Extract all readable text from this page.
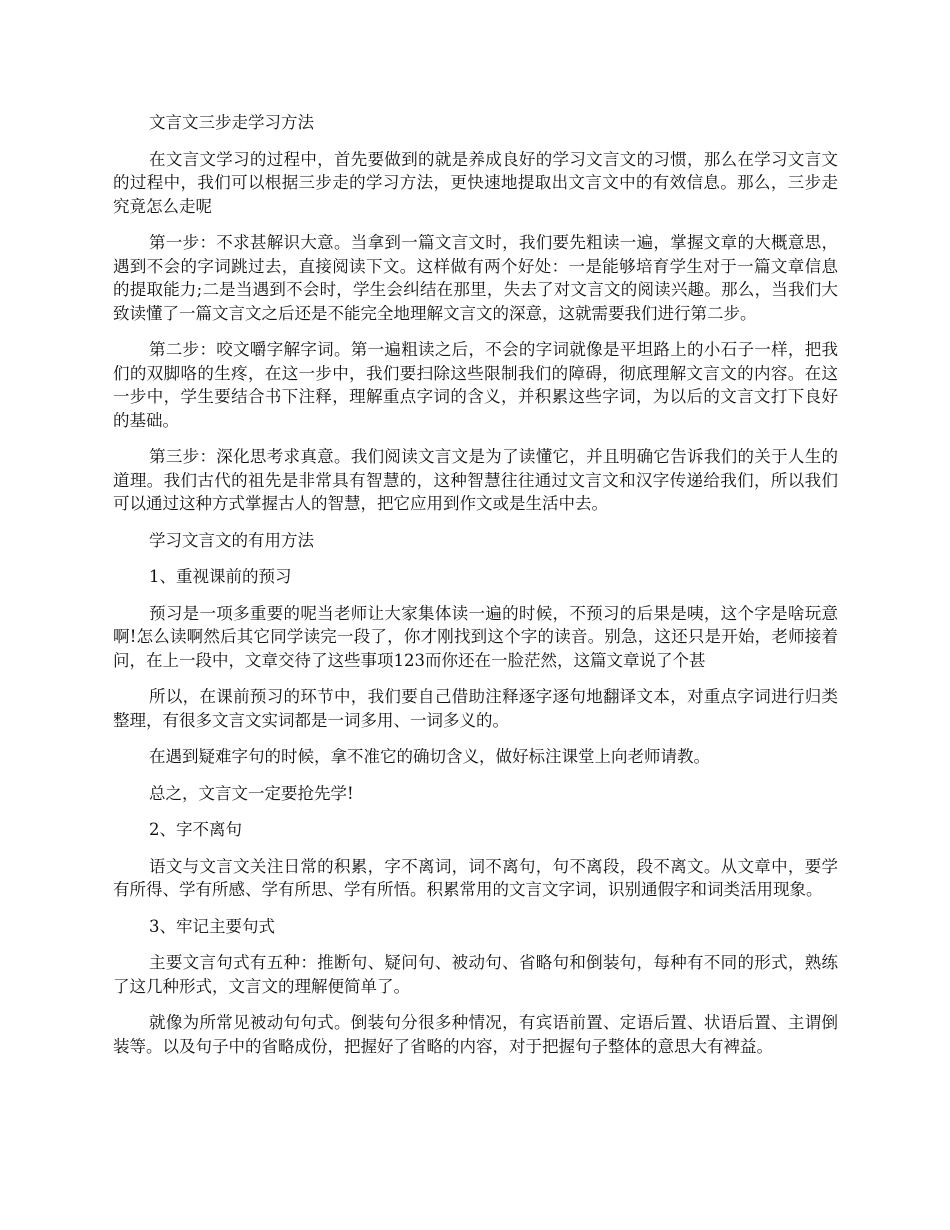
文言文三步走学习方法

在文言文学习的过程中，首先要做到的就是养成良好的学习文言文的习惯，那么在学习文言文的过程中，我们可以根据三步走的学习方法，更快速地提取出文言文中的有效信息。那么，三步走究竟怎么走呢

第一步：不求甚解识大意。当拿到一篇文言文时，我们要先粗读一遍，掌握文章的大概意思，遇到不会的字词跳过去，直接阅读下文。这样做有两个好处：一是能够培育学生对于一篇文章信息的提取能力;二是当遇到不会时，学生会纠结在那里，失去了对文言文的阅读兴趣。那么，当我们大致读懂了一篇文言文之后还是不能完全地理解文言文的深意，这就需要我们进行第二步。

第二步：咬文嚼字解字词。第一遍粗读之后，不会的字词就像是平坦路上的小石子一样，把我们的双脚咯的生疼，在这一步中，我们要扫除这些限制我们的障碍，彻底理解文言文的内容。在这一步中，学生要结合书下注释，理解重点字词的含义，并积累这些字词，为以后的文言文打下良好的基础。

第三步：深化思考求真意。我们阅读文言文是为了读懂它，并且明确它告诉我们的关于人生的道理。我们古代的祖先是非常具有智慧的，这种智慧往往通过文言文和汉字传递给我们，所以我们可以通过这种方式掌握古人的智慧，把它应用到作文或是生活中去。

学习文言文的有用方法

1、重视课前的预习

预习是一项多重要的呢当老师让大家集体读一遍的时候，不预习的后果是咦，这个字是啥玩意啊!怎么读啊然后其它同学读完一段了，你才刚找到这个字的读音。别急，这还只是开始，老师接着问，在上一段中，文章交待了这些事项123而你还在一脸茫然，这篇文章说了个甚

所以，在课前预习的环节中，我们要自己借助注释逐字逐句地翻译文本，对重点字词进行归类整理，有很多文言文实词都是一词多用、一词多义的。

在遇到疑难字句的时候，拿不准它的确切含义，做好标注课堂上向老师请教。

总之，文言文一定要抢先学!

2、字不离句

语文与文言文关注日常的积累，字不离词，词不离句，句不离段，段不离文。从文章中，要学有所得、学有所感、学有所思、学有所悟。积累常用的文言文字词，识别通假字和词类活用现象。

3、牢记主要句式

主要文言句式有五种：推断句、疑问句、被动句、省略句和倒装句，每种有不同的形式，熟练了这几种形式，文言文的理解便简单了。

就像为所常见被动句句式。倒装句分很多种情况，有宾语前置、定语后置、状语后置、主谓倒装等。以及句子中的省略成份，把握好了省略的内容，对于把握句子整体的意思大有裨益。
